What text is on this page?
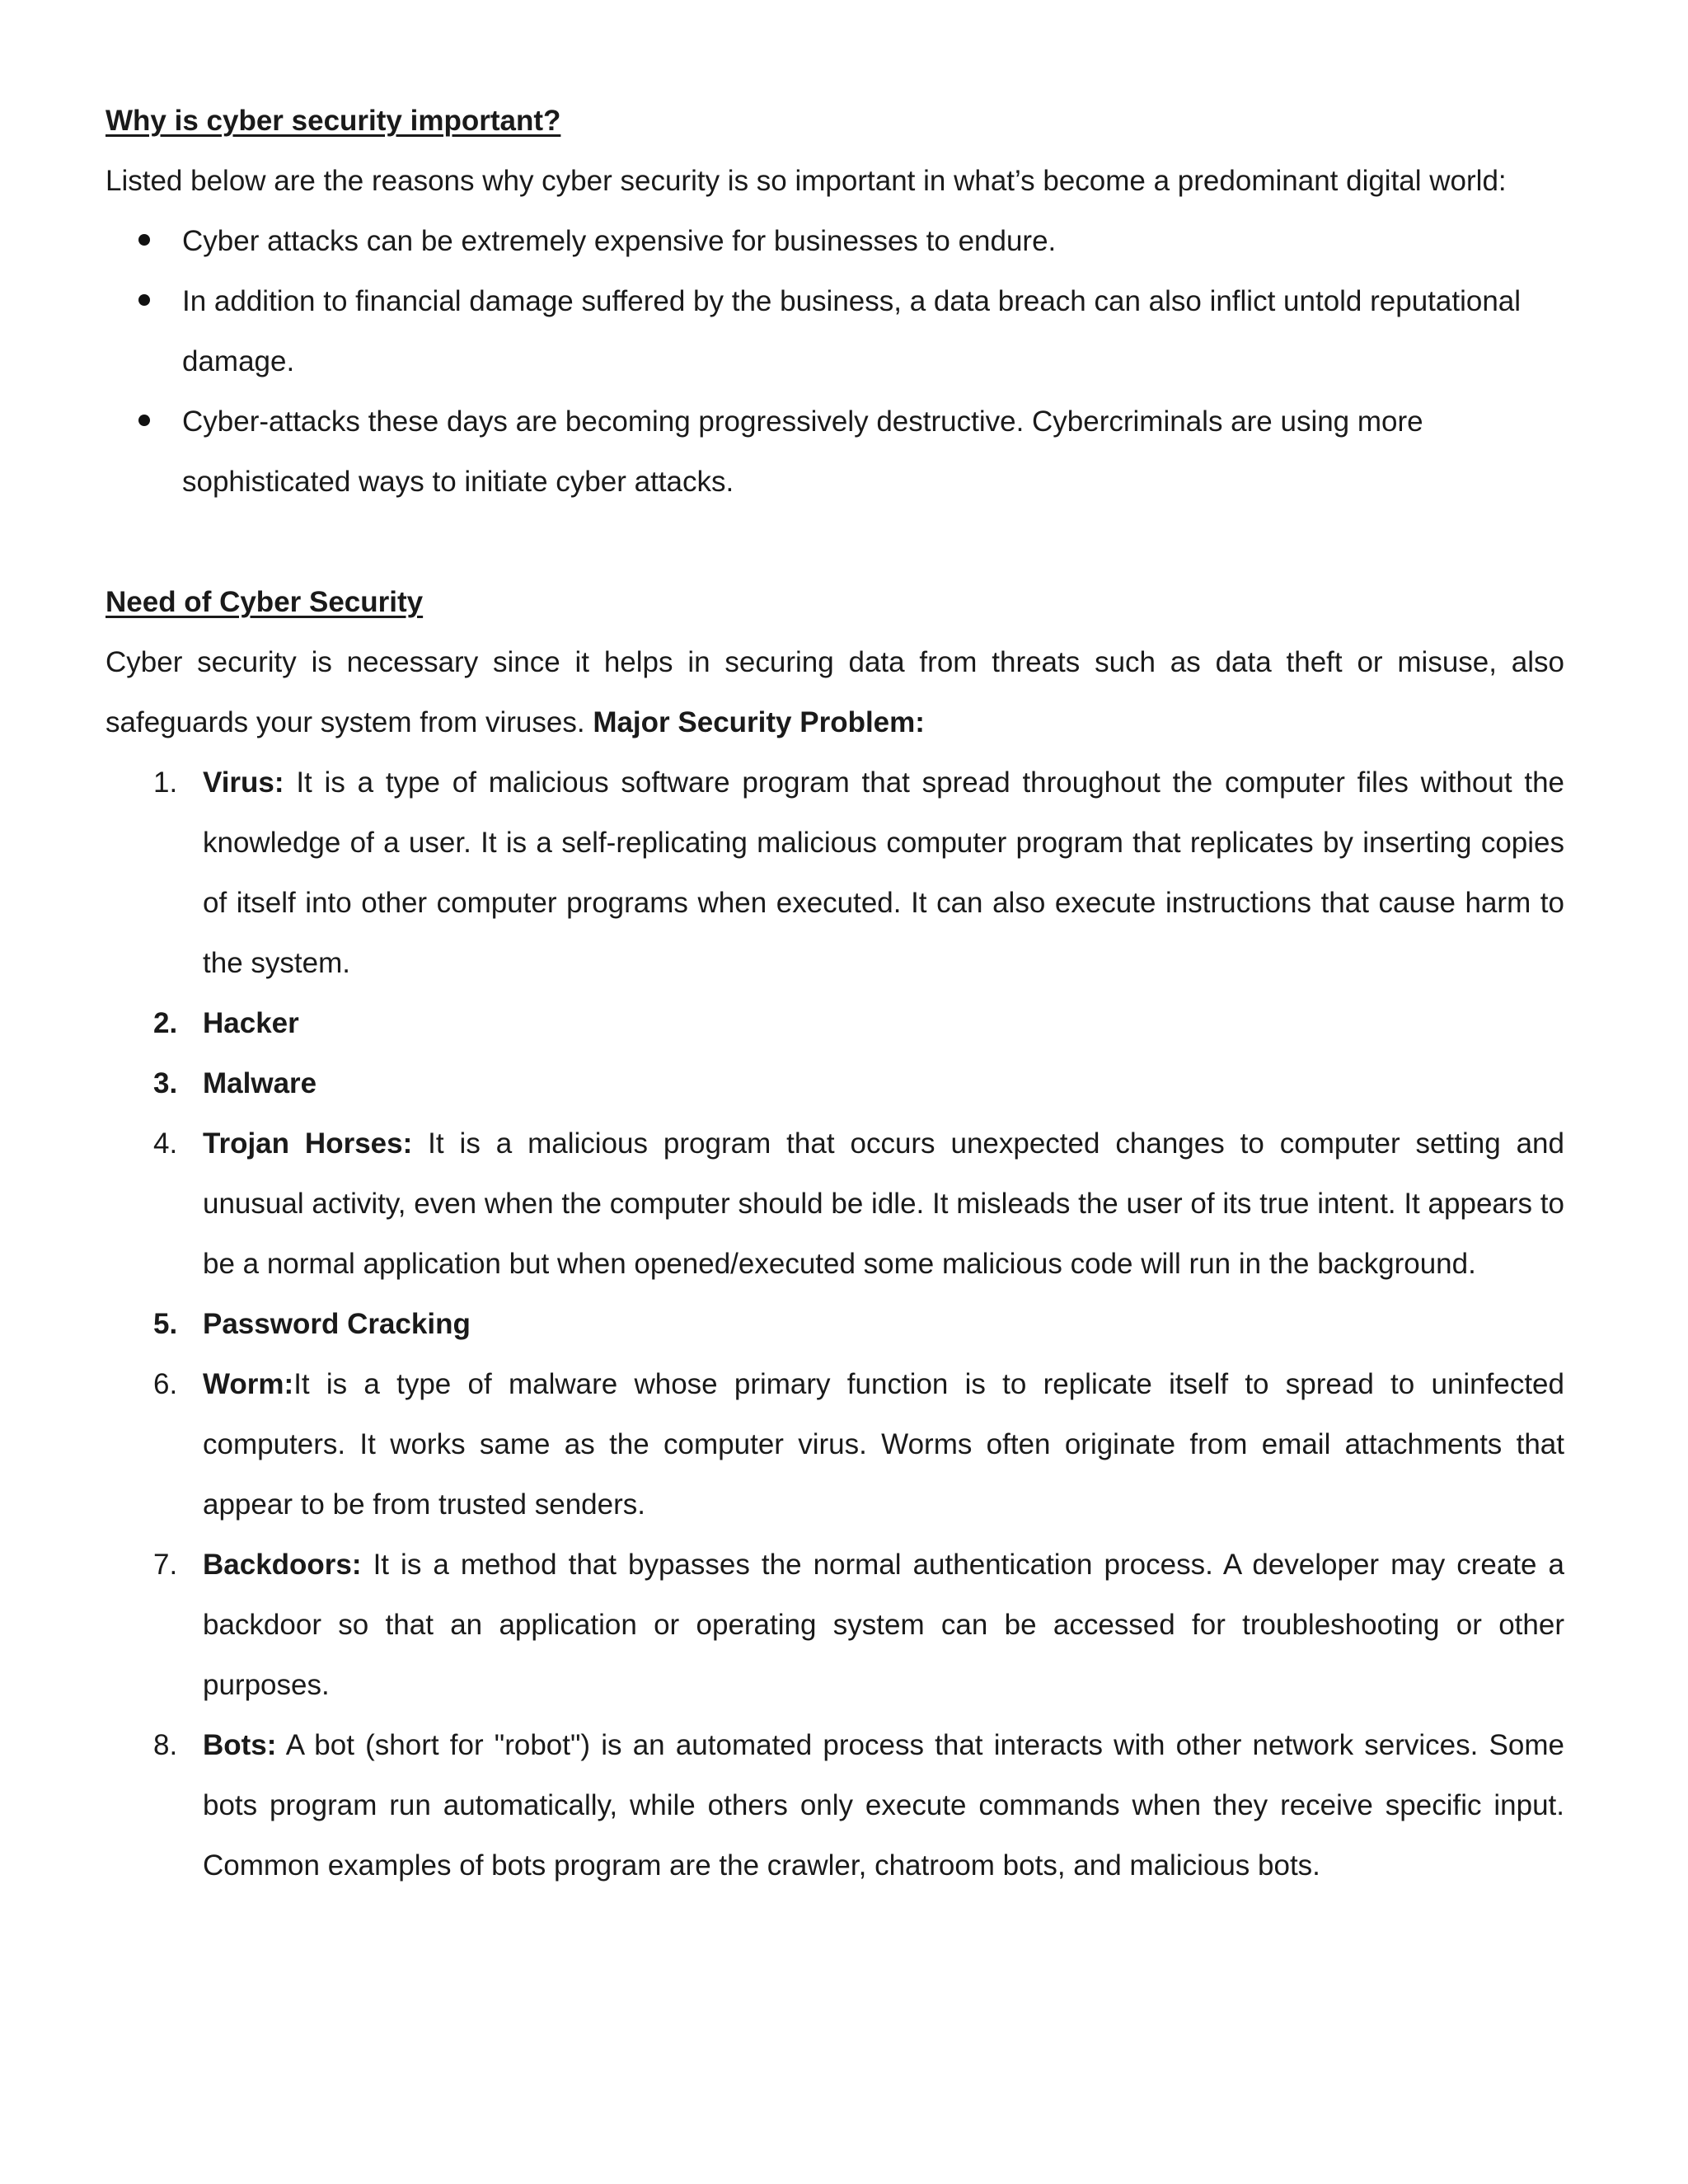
Why is cyber security important?

Listed below are the reasons why cyber security is so important in what’s become a predominant digital world:

Cyber attacks can be extremely expensive for businesses to endure.
In addition to financial damage suffered by the business, a data breach can also inflict untold reputational damage.
Cyber-attacks these days are becoming progressively destructive. Cybercriminals are using more sophisticated ways to initiate cyber attacks.
Need of Cyber Security

Cyber security is necessary since it helps in securing data from threats such as data theft or misuse, also safeguards your system from viruses. Major Security Problem:

1. Virus: It is a type of malicious software program that spread throughout the computer files without the knowledge of a user. It is a self-replicating malicious computer program that replicates by inserting copies of itself into other computer programs when executed. It can also execute instructions that cause harm to the system.
2. Hacker
3. Malware
4. Trojan Horses: It is a malicious program that occurs unexpected changes to computer setting and unusual activity, even when the computer should be idle. It misleads the user of its true intent. It appears to be a normal application but when opened/executed some malicious code will run in the background.
5. Password Cracking
6. Worm:It is a type of malware whose primary function is to replicate itself to spread to uninfected computers. It works same as the computer virus. Worms often originate from email attachments that appear to be from trusted senders.
7. Backdoors: It is a method that bypasses the normal authentication process. A developer may create a backdoor so that an application or operating system can be accessed for troubleshooting or other purposes.
8. Bots: A bot (short for "robot") is an automated process that interacts with other network services. Some bots program run automatically, while others only execute commands when they receive specific input. Common examples of bots program are the crawler, chatroom bots, and malicious bots.
